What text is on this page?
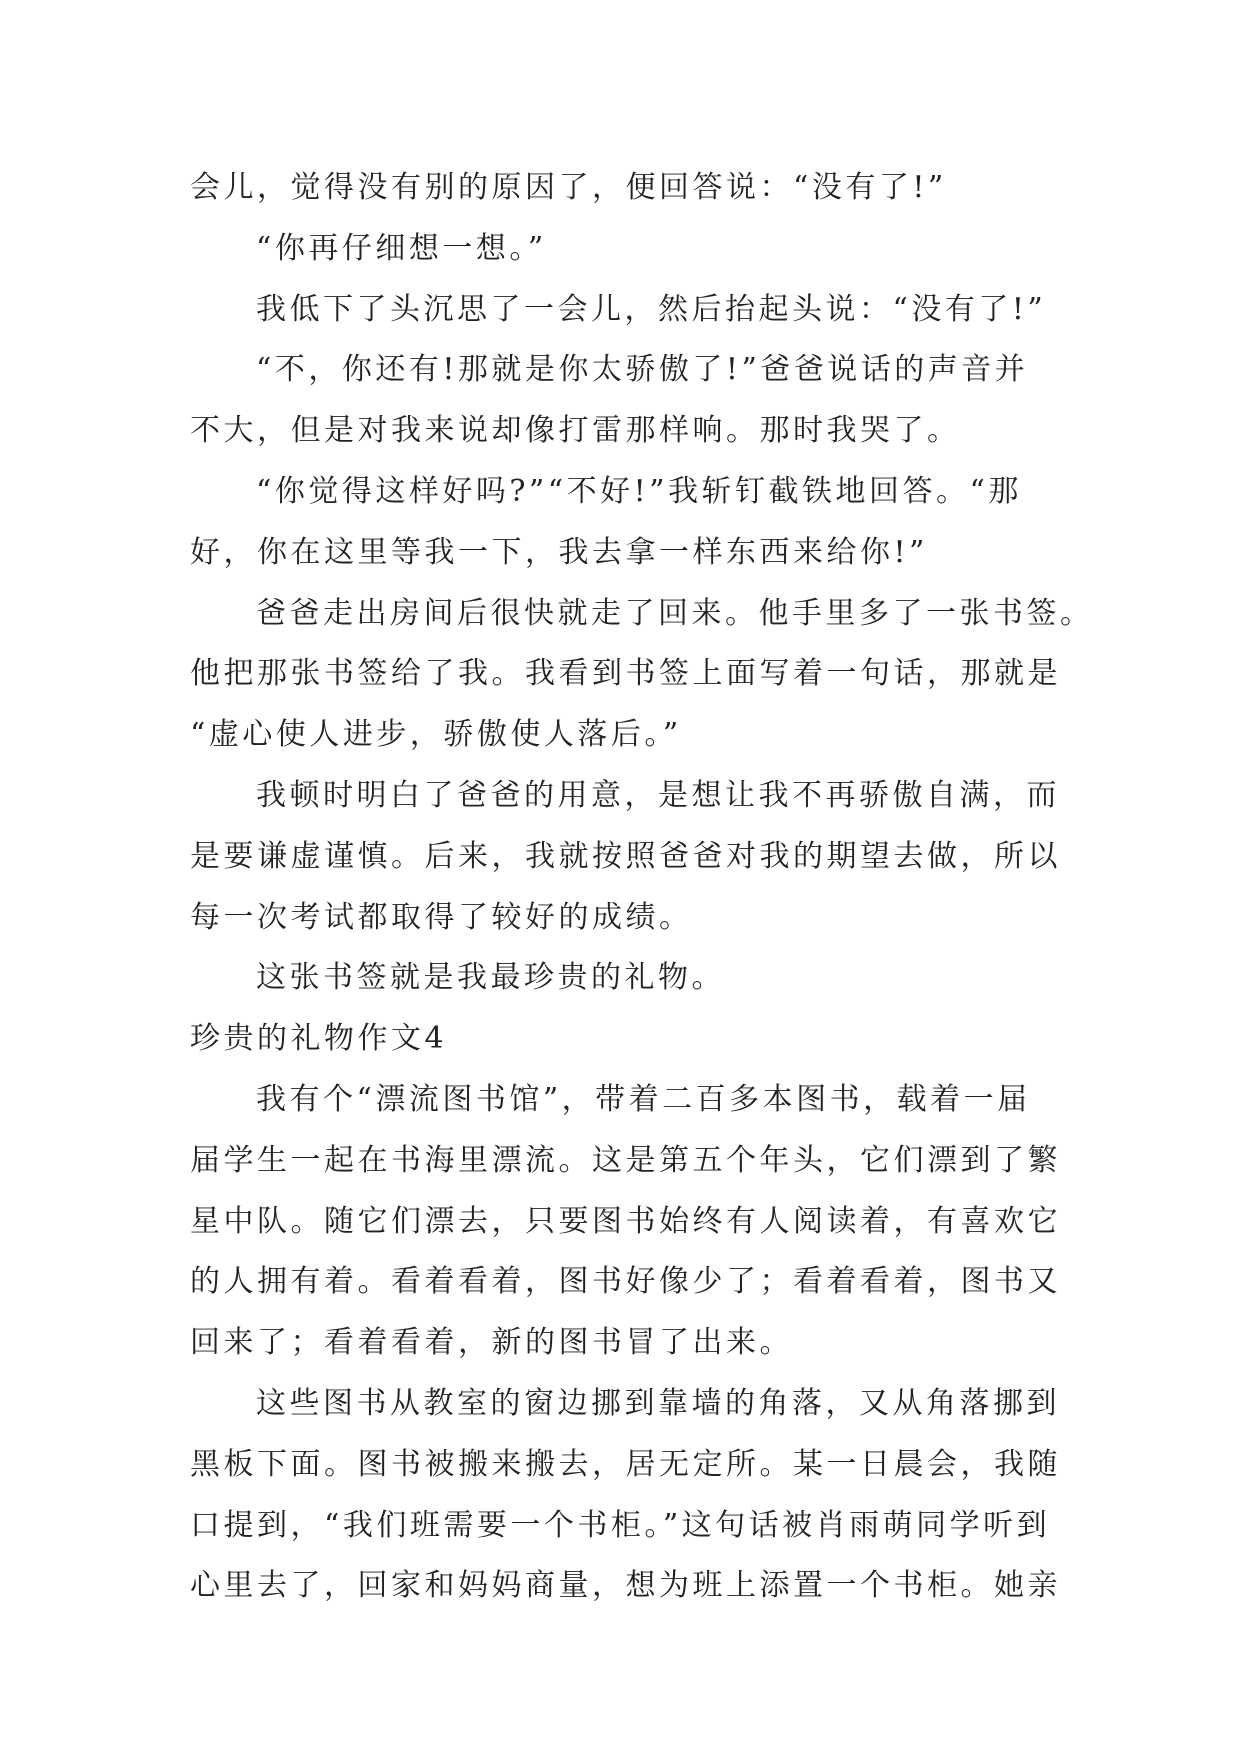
会儿，觉得没有别的原因了，便回答说：“没有了!”

“你再仔细想一想。”

我低下了头沉思了一会儿，然后抬起头说：“没有了!”

“不，你还有!那就是你太骄傲了!”爸爸说话的声音并

不大，但是对我来说却像打雷那样响。那时我哭了。

“你觉得这样好吗?”“不好!”我斩钉截铁地回答。“那

好，你在这里等我一下，我去拿一样东西来给你!”

爸爸走出房间后很快就走了回来。他手里多了一张书签。

他把那张书签给了我。我看到书签上面写着一句话，那就是

“虚心使人进步，骄傲使人落后。”

我顿时明白了爸爸的用意，是想让我不再骄傲自满，而

是要谦虚谨慎。后来，我就按照爸爸对我的期望去做，所以

每一次考试都取得了较好的成绩。

这张书签就是我最珍贵的礼物。

珍贵的礼物作文4

我有个“漂流图书馆”，带着二百多本图书，载着一届

届学生一起在书海里漂流。这是第五个年头，它们漂到了繁

星中队。随它们漂去，只要图书始终有人阅读着，有喜欢它

的人拥有着。看着看着，图书好像少了；看着看着，图书又

回来了；看着看着，新的图书冒了出来。

这些图书从教室的窗边挪到靠墙的角落，又从角落挪到

黑板下面。图书被搬来搬去，居无定所。某一日晨会，我随

口提到，“我们班需要一个书柜。”这句话被肖雨萌同学听到

心里去了，回家和妈妈商量，想为班上添置一个书柜。她亲
